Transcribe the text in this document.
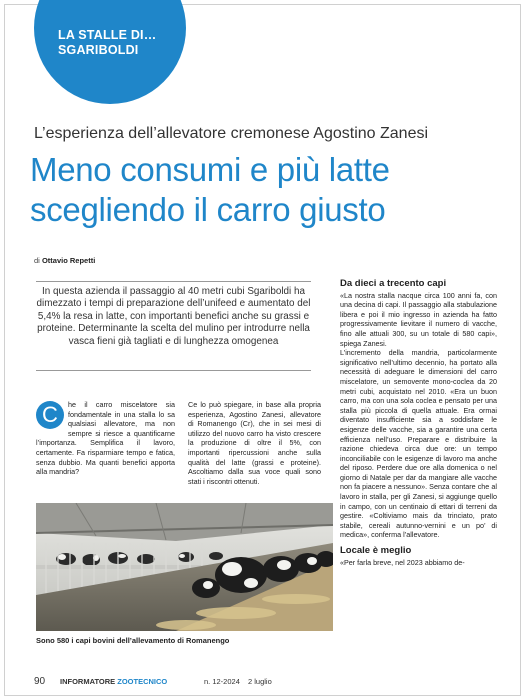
LA STALLE DI…
SGARIBOLDI
L’esperienza dell’allevatore cremonese Agostino Zanesi
Meno consumi e più latte
scegliendo il carro giusto
di Ottavio Repetti
In questa azienda il passaggio al 40 metri cubi Sgariboldi ha dimezzato i tempi di preparazione dell’unifeed e aumentato del 5,4% la resa in latte, con importanti benefici anche su grassi e proteine. Determinante la scelta del mulino per introdurre nella vasca fieni già tagliati e di lunghezza omogenea
C	he il carro miscelatore sia fondamentale in una stalla lo sa qualsiasi allevatore, ma non sempre si riesce a quantificarne l’importanza. Semplifica il lavoro, certamente. Fa risparmiare tempo e fatica, senza dubbio. Ma quanti benefici apporta alla mandria?
Ce lo può spiegare, in base alla propria esperienza, Agostino Zanesi, allevatore di Romanengo (Cr), che in sei mesi di utilizzo del nuovo carro ha visto crescere la produzione di oltre il 5%, con importanti ripercussioni anche sulla qualità del latte (grassi e proteine). Ascoltiamo dalla sua voce quali sono stati i riscontri ottenuti.
Da dieci a trecento capi

«La nostra stalla nacque circa 100 anni fa, con una decina di capi. Il passaggio alla stabulazione libera e poi il mio ingresso in azienda ha fatto progressivamente lievitare il numero di vacche, fino alle attuali 300, su un totale di 580 capi», spiega Zanesi.

L’incremento della mandria, particolarmente significativo nell’ultimo decennio, ha portato alla necessità di adeguare le dimensioni del carro miscelatore, un semovente mono-coclea da 20 metri cubi, acquistato nel 2010. «Era un buon carro, ma con una sola coclea e pensato per una stalla più piccola di quella attuale. Era ormai diventato insufficiente sia a soddisfare le esigenze delle vacche, sia a garantire una certa efficienza nell’uso. Preparare e distribuire la razione chiedeva circa due ore: un tempo inconciliabile con le esigenze di lavoro ma anche del riposo. Perdere due ore alla domenica o nel giorno di Natale per dar da mangiare alle vacche non fa piacere a nessuno». Senza contare che al lavoro in stalla, per gli Zanesi, si aggiunge quello in campo, con un centinaio di ettari di terreni da gestire. «Coltiviamo mais da trinciato, prato stabile, cereali autunno-vernini e un po’ di medica», conferma l’allevatore.

Locale è meglio

«Per farla breve, nel 2023 abbiamo de-

Sono 580 i capi bovini dell’allevamento di Romanengo
90 INFORMATORE ZOOTECNICO	n. 12-2024 2 luglio
